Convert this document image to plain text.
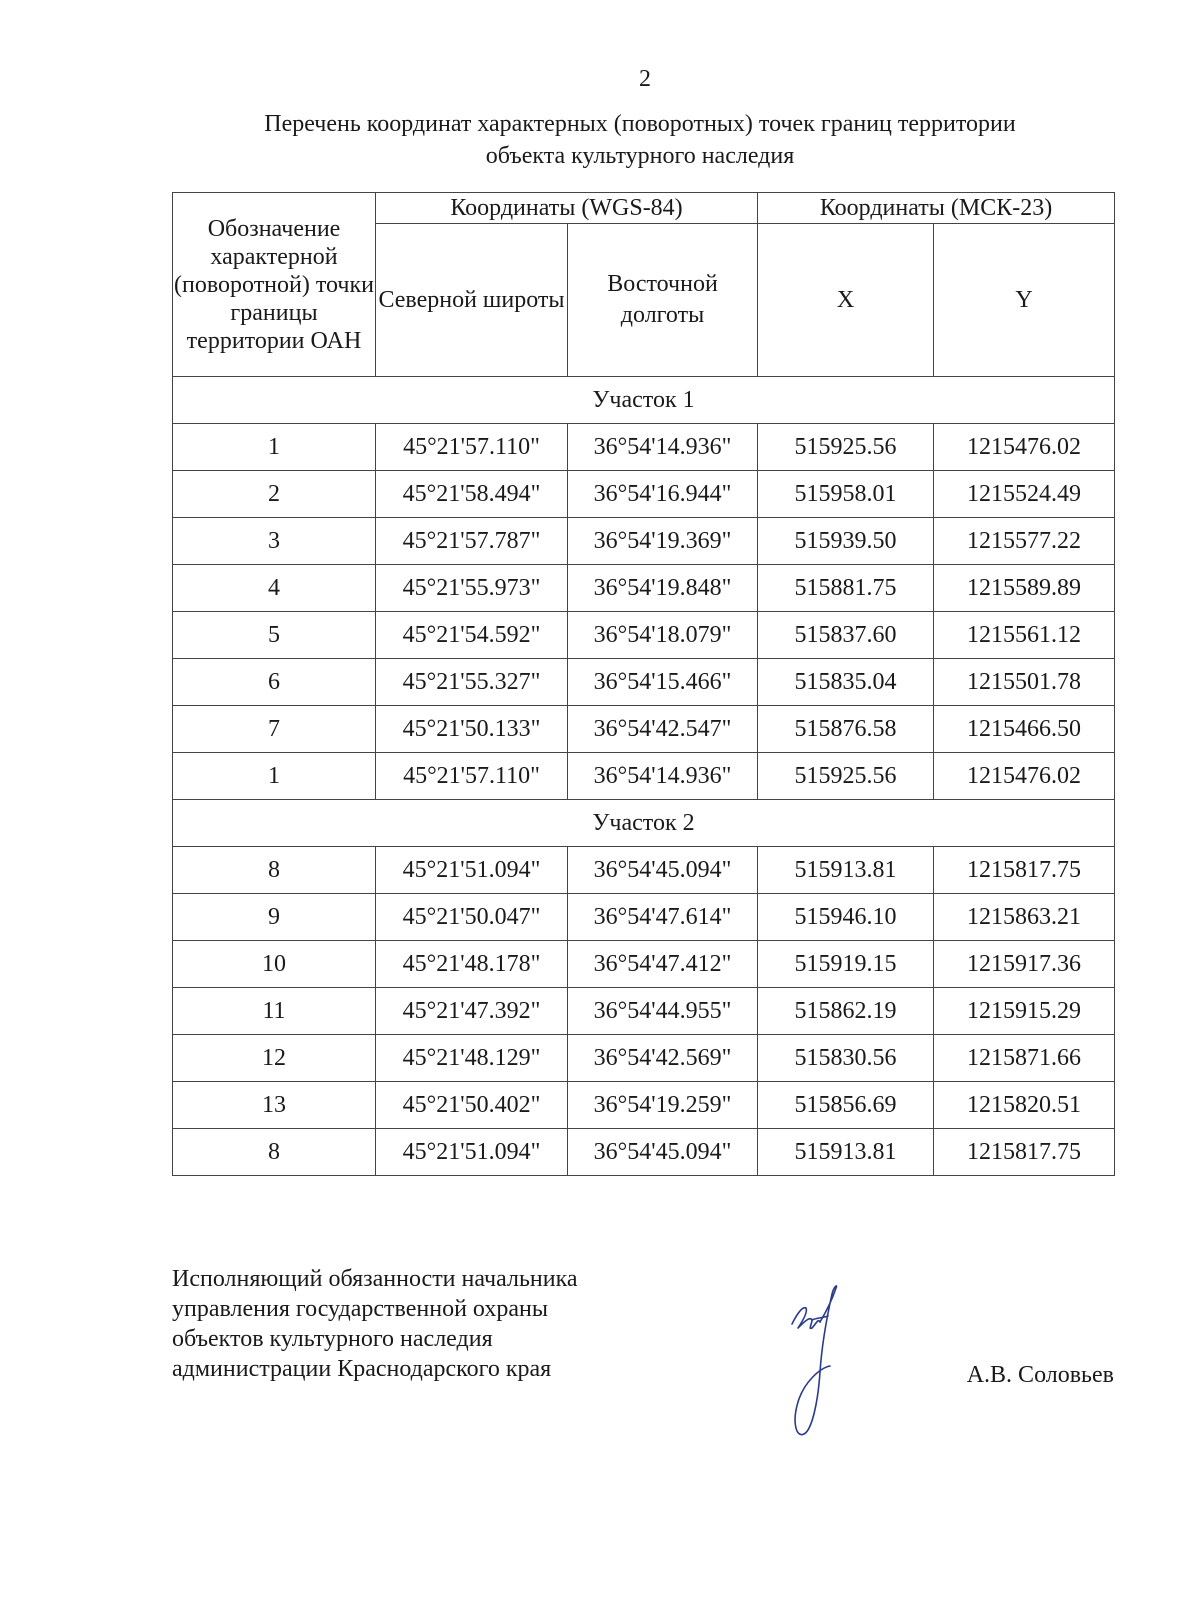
2
Перечень координат характерных (поворотных) точек границ территории
объекта культурного наследия
Обозначение характерной (поворотной) точки границы территории ОАН	Координаты (WGS-84)		Координаты (МСК-23)	
	Северной широты	Восточной долготы	X	Y
Участок 1				
1	45°21'57.110"	36°54'14.936"	515925.56	1215476.02
2	45°21'58.494"	36°54'16.944"	515958.01	1215524.49
3	45°21'57.787"	36°54'19.369"	515939.50	1215577.22
4	45°21'55.973"	36°54'19.848"	515881.75	1215589.89
5	45°21'54.592"	36°54'18.079"	515837.60	1215561.12
6	45°21'55.327"	36°54'15.466"	515835.04	1215501.78
7	45°21'50.133"	36°54'42.547"	515876.58	1215466.50
1	45°21'57.110"	36°54'14.936"	515925.56	1215476.02
Участок 2				
8	45°21'51.094"	36°54'45.094"	515913.81	1215817.75
9	45°21'50.047"	36°54'47.614"	515946.10	1215863.21
10	45°21'48.178"	36°54'47.412"	515919.15	1215917.36
11	45°21'47.392"	36°54'44.955"	515862.19	1215915.29
12	45°21'48.129"	36°54'42.569"	515830.56	1215871.66
13	45°21'50.402"	36°54'19.259"	515856.69	1215820.51
8	45°21'51.094"	36°54'45.094"	515913.81	1215817.75
Исполняющий обязанности начальника
управления государственной охраны
объектов культурного наследия
администрации Краснодарского края	А.В. Соловьев
